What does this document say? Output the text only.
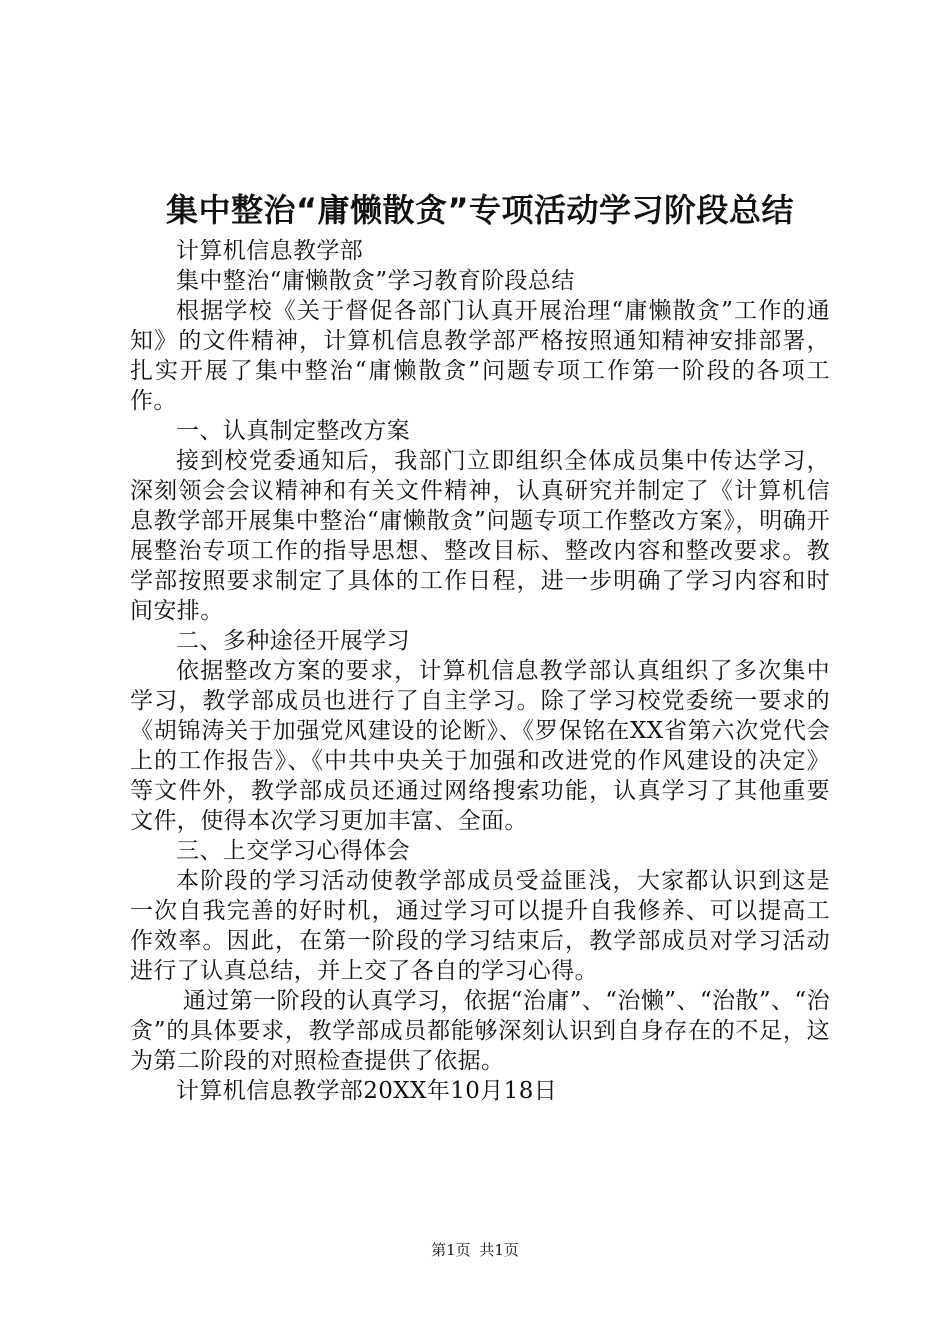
集中整治“庸懒散贪”专项活动学习阶段总结

计算机信息教学部

集中整治“庸懒散贪”学习教育阶段总结

根据学校《关于督促各部门认真开展治理“庸懒散贪”工作的通知》的文件精神，计算机信息教学部严格按照通知精神安排部署，扎实开展了集中整治“庸懒散贪”问题专项工作第一阶段的各项工作。

一、认真制定整改方案

接到校党委通知后，我部门立即组织全体成员集中传达学习，深刻领会会议精神和有关文件精神，认真研究并制定了《计算机信息教学部开展集中整治“庸懒散贪”问题专项工作整改方案》，明确开展整治专项工作的指导思想、整改目标、整改内容和整改要求。教学部按照要求制定了具体的工作日程，进一步明确了学习内容和时间安排。

二、多种途径开展学习

依据整改方案的要求，计算机信息教学部认真组织了多次集中学习，教学部成员也进行了自主学习。除了学习校党委统一要求的《胡锦涛关于加强党风建设的论断》、《罗保铭在XX省第六次党代会上的工作报告》、《中共中央关于加强和改进党的作风建设的决定》等文件外，教学部成员还通过网络搜索功能，认真学习了其他重要文件，使得本次学习更加丰富、全面。

三、上交学习心得体会

本阶段的学习活动使教学部成员受益匪浅，大家都认识到这是一次自我完善的好时机，通过学习可以提升自我修养、可以提高工作效率。因此，在第一阶段的学习结束后，教学部成员对学习活动进行了认真总结，并上交了各自的学习心得。

通过第一阶段的认真学习，依据“治庸”、“治懒”、“治散”、“治贪”的具体要求，教学部成员都能够深刻认识到自身存在的不足，这为第二阶段的对照检查提供了依据。

计算机信息教学部20XX年10月18日

第1页 共1页
